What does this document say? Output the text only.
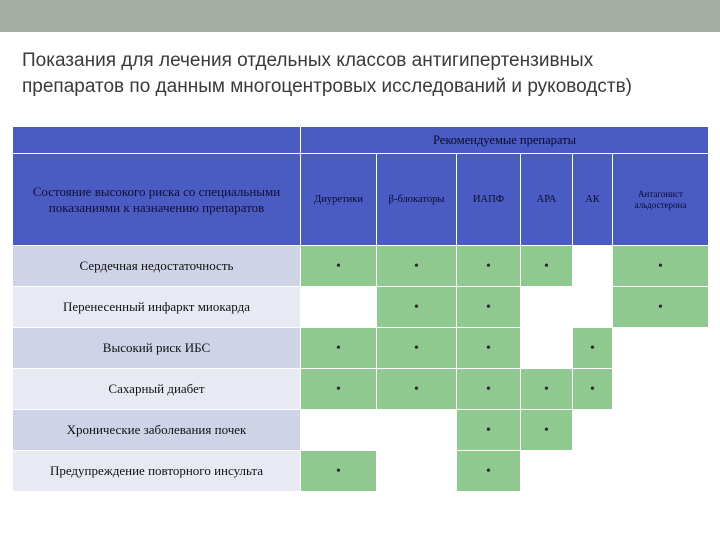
Показания для лечения отдельных классов антигипертензивных
препаратов по данным многоцентровых исследований и руководств)
	Рекомендуемые препараты					
Состояние высокого риска со специальными показаниями к назначению препаратов	Диуретики	β-блокаторы	ИАПФ	АРА	АК	Антагонист альдостерона
Сердечная недостаточность	•	•	•	•		•
Перенесенный инфаркт миокарда		•	•			•
Высокий риск ИБС	•	•	•		•	
Сахарный диабет	•	•	•	•	•	
Хронические заболевания почек			•	•		
Предупреждение повторного инсульта	•		•			
